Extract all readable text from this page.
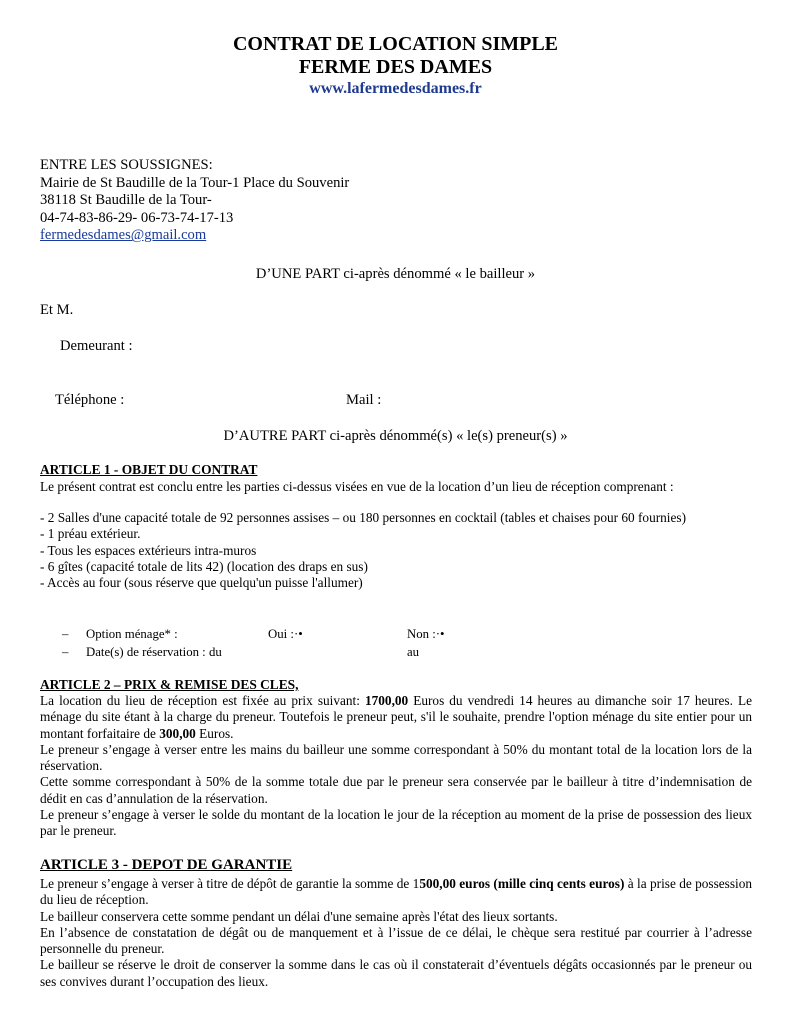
CONTRAT DE LOCATION SIMPLE
FERME DES DAMES
www.lafermedesdames.fr
ENTRE LES SOUSSIGNES:
Mairie de St Baudille de la Tour-1 Place du Souvenir
38118 St Baudille de la Tour-
04-74-83-86-29- 06-73-74-17-13
fermedesdames@gmail.com
D’UNE PART ci-après dénommé « le bailleur »
Et M.
Demeurant :
Téléphone :	Mail :
D’AUTRE PART ci-après dénommé(s) « le(s) preneur(s) »
ARTICLE 1 - OBJET DU CONTRAT

Le présent contrat est conclu entre les parties ci-dessus visées en vue de la location d’un lieu de réception comprenant :

- 2 Salles d'une capacité totale de 92 personnes assises – ou 180 personnes en cocktail (tables et chaises pour 60 fournies)
- 1 préau extérieur.
- Tous les espaces extérieurs intra-muros
- 6 gîtes (capacité totale de lits 42) (location des draps en sus)
- Accès au four (sous réserve que quelqu'un puisse l'allumer)
– Option ménage* :	Oui :·•	Non :·•
– Date(s) de réservation : du	au
ARTICLE 2 – PRIX & REMISE DES CLES,

La location du lieu de réception est fixée au prix suivant: 1700,00 Euros du vendredi 14 heures au dimanche soir 17 heures. Le ménage du site étant à la charge du preneur. Toutefois le preneur peut, s'il le souhaite, prendre l'option ménage du site entier pour un montant forfaitaire de 300,00 Euros.

Le preneur s’engage à verser entre les mains du bailleur une somme correspondant à 50% du montant total de la location lors de la réservation.

Cette somme correspondant à 50% de la somme totale due par le preneur sera conservée par le bailleur à titre d’indemnisation de dédit en cas d’annulation de la réservation.

Le preneur s’engage à verser le solde du montant de la location le jour de la réception au moment de la prise de possession des lieux par le preneur.

ARTICLE 3 - DEPOT DE GARANTIE

Le preneur s’engage à verser à titre de dépôt de garantie la somme de 1500,00 euros (mille cinq cents euros) à la prise de possession du lieu de réception.

Le bailleur conservera cette somme pendant un délai d'une semaine après l'état des lieux sortants.

En l’absence de constatation de dégât ou de manquement et à l’issue de ce délai, le chèque sera restitué par courrier à l’adresse personnelle du preneur.

Le bailleur se réserve le droit de conserver la somme dans le cas où il constaterait d’éventuels dégâts occasionnés par le preneur ou ses convives durant l’occupation des lieux.
